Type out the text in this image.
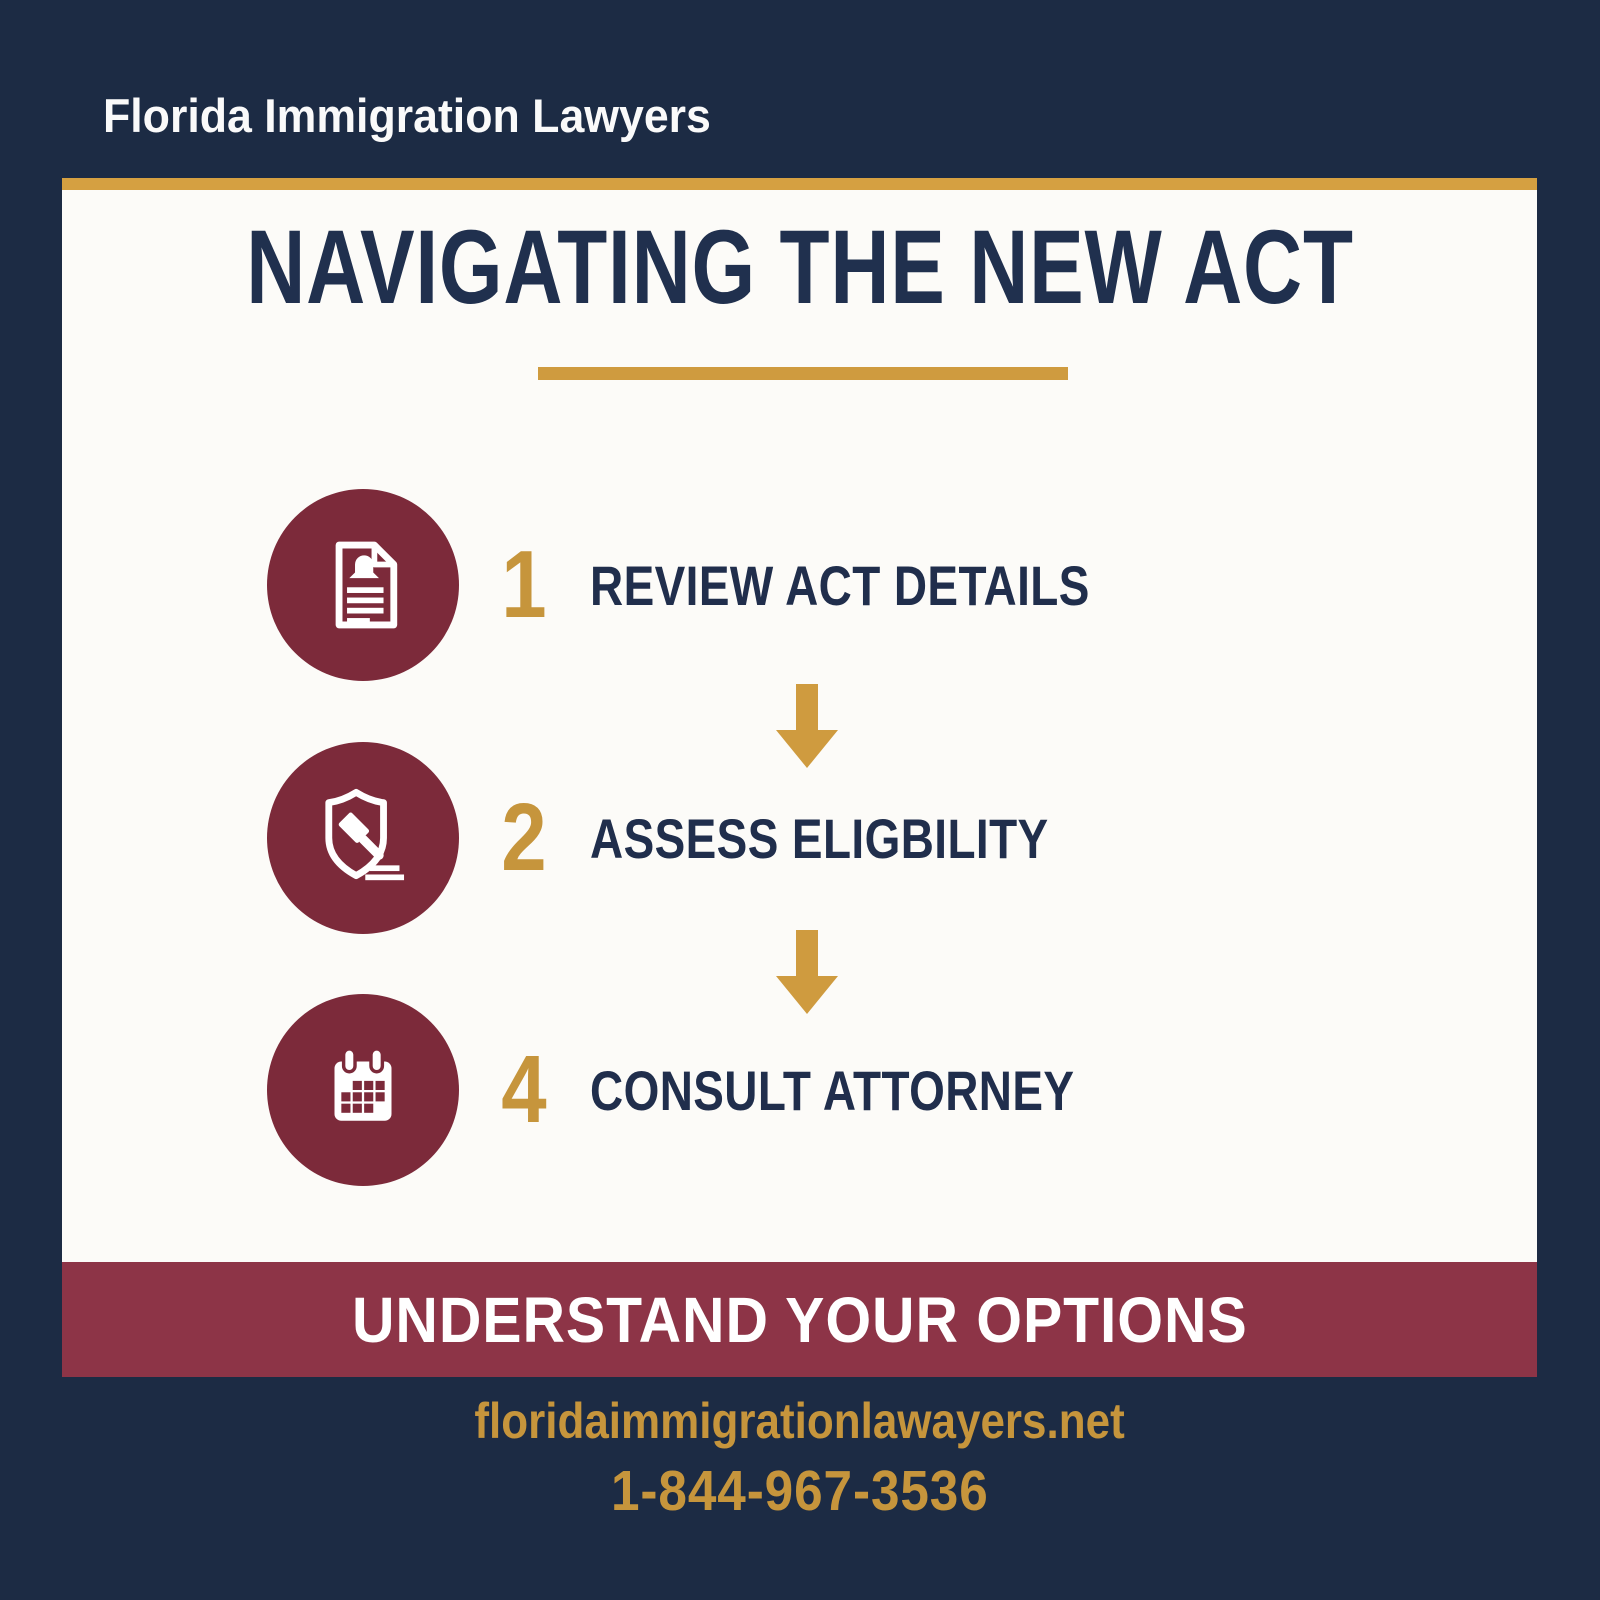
Florida Immigration Lawyers
NAVIGATING THE NEW ACT
1 REVIEW ACT DETAILS
2 ASSESS ELIGBILITY
4 CONSULT ATTORNEY
UNDERSTAND YOUR OPTIONS
floridaimmigrationlawayers.net
1-844-967-3536
